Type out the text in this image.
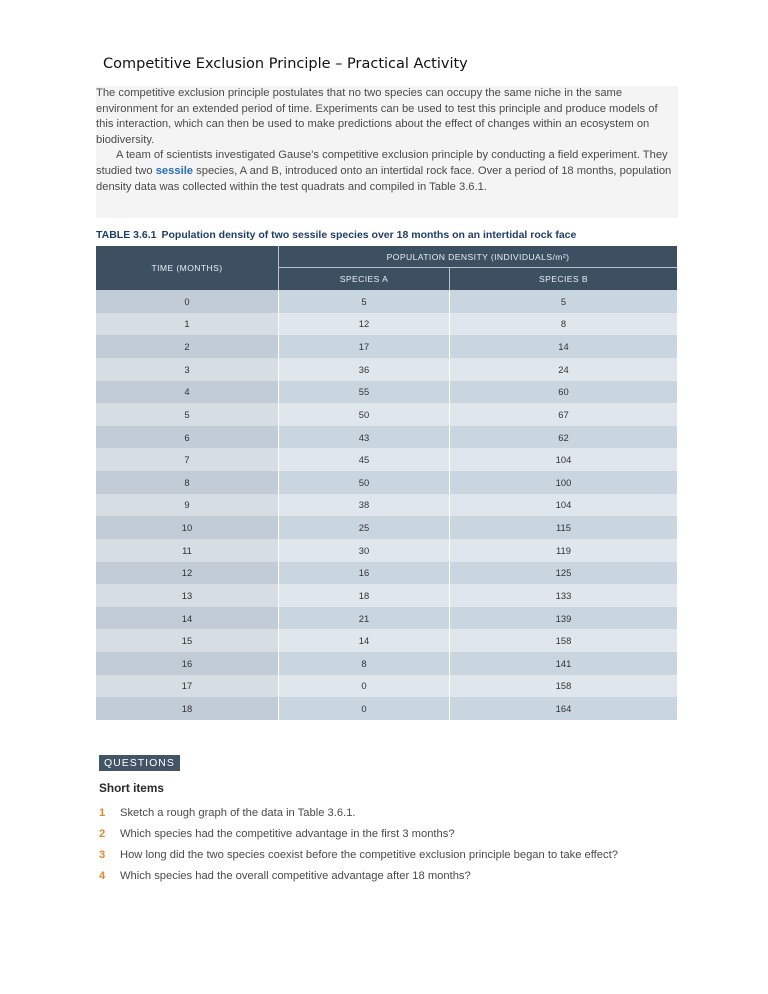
Competitive Exclusion Principle – Practical Activity

The competitive exclusion principle postulates that no two species can occupy the same niche in the same environment for an extended period of time. Experiments can be used to test this principle and produce models of this interaction, which can then be used to make predictions about the effect of changes within an ecosystem on biodiversity.

A team of scientists investigated Gause's competitive exclusion principle by conducting a field experiment. They studied two sessile species, A and B, introduced onto an intertidal rock face. Over a period of 18 months, population density data was collected within the test quadrats and compiled in Table 3.6.1.

TABLE 3.6.1 Population density of two sessile species over 18 months on an intertidal rock face
POPULATION DENSITY (INDIVIDUALS/m²)
TIME (MONTHS)
SPECIES A	SPECIES B
0	5	5
1	12	8
2	17	14
3	36	24
4	55	60
5	50	67
6	43	62
7	45	104
8	50	100
9	38	104
10	25	115
11	30	119
12	16	125
13	18	133
14	21	139
15	14	158
16	8	141
17	0	158
18	0	164
QUESTIONS
Short items
1	Sketch a rough graph of the data in Table 3.6.1.
2	Which species had the competitive advantage in the first 3 months?
3	How long did the two species coexist before the competitive exclusion principle began to take effect?
4	Which species had the overall competitive advantage after 18 months?
